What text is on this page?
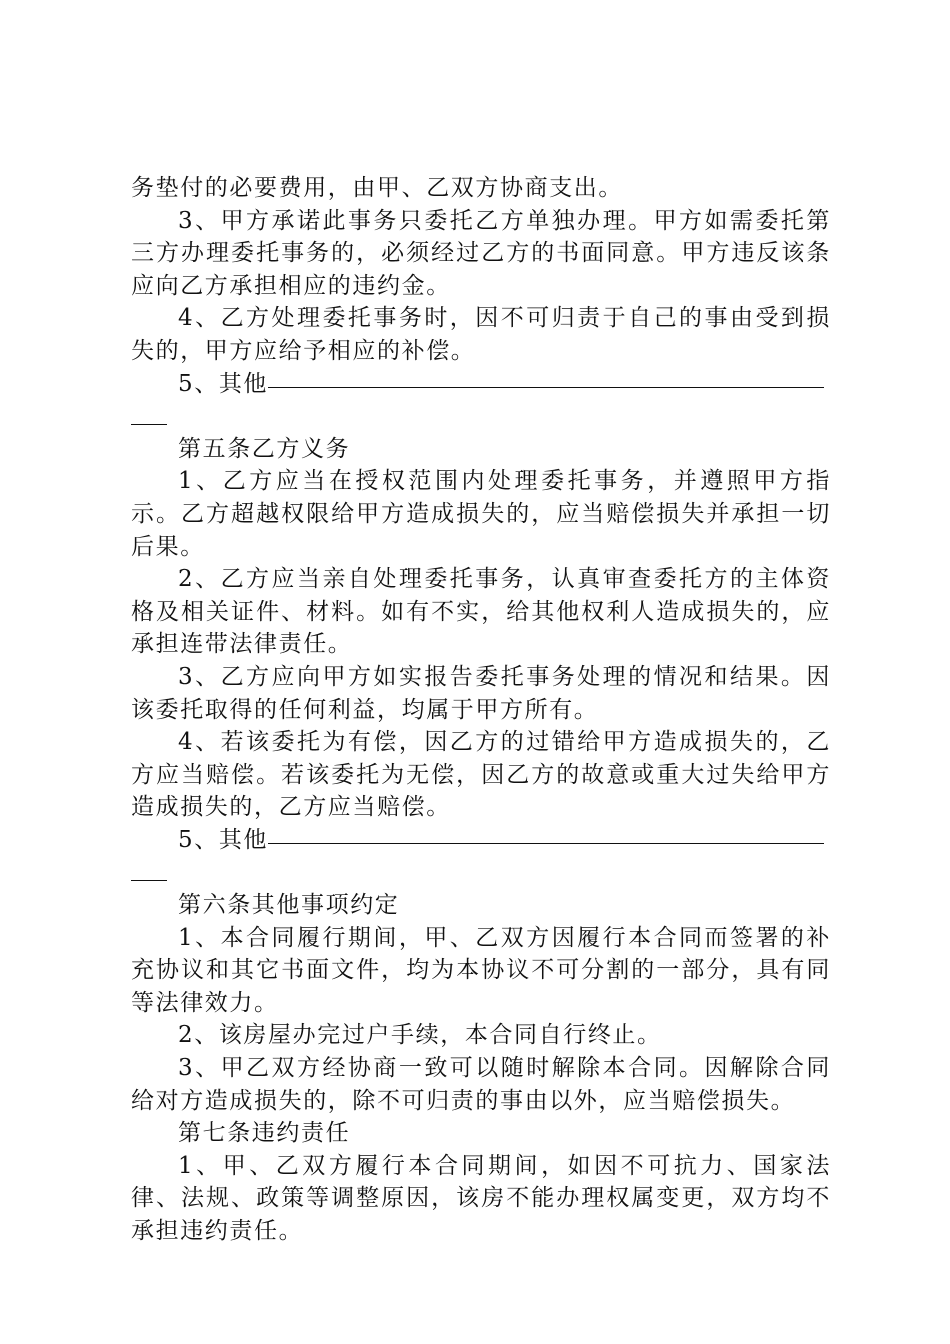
务垫付的必要费用，由甲、乙双方协商支出。

3、甲方承诺此事务只委托乙方单独办理。甲方如需委托第三方办理委托事务的，必须经过乙方的书面同意。甲方违反该条应向乙方承担相应的违约金。

4、乙方处理委托事务时，因不可归责于自己的事由受到损失的，甲方应给予相应的补偿。

5、其他

第五条乙方义务

1、乙方应当在授权范围内处理委托事务，并遵照甲方指示。乙方超越权限给甲方造成损失的，应当赔偿损失并承担一切后果。

2、乙方应当亲自处理委托事务，认真审查委托方的主体资格及相关证件、材料。如有不实，给其他权利人造成损失的，应承担连带法律责任。

3、乙方应向甲方如实报告委托事务处理的情况和结果。因该委托取得的任何利益，均属于甲方所有。

4、若该委托为有偿，因乙方的过错给甲方造成损失的，乙方应当赔偿。若该委托为无偿，因乙方的故意或重大过失给甲方造成损失的，乙方应当赔偿。

5、其他

第六条其他事项约定

1、本合同履行期间，甲、乙双方因履行本合同而签署的补充协议和其它书面文件，均为本协议不可分割的一部分，具有同等法律效力。

2、该房屋办完过户手续，本合同自行终止。

3、甲乙双方经协商一致可以随时解除本合同。因解除合同给对方造成损失的，除不可归责的事由以外，应当赔偿损失。

第七条违约责任

1、甲、乙双方履行本合同期间，如因不可抗力、国家法律、法规、政策等调整原因，该房不能办理权属变更，双方均不承担违约责任。
